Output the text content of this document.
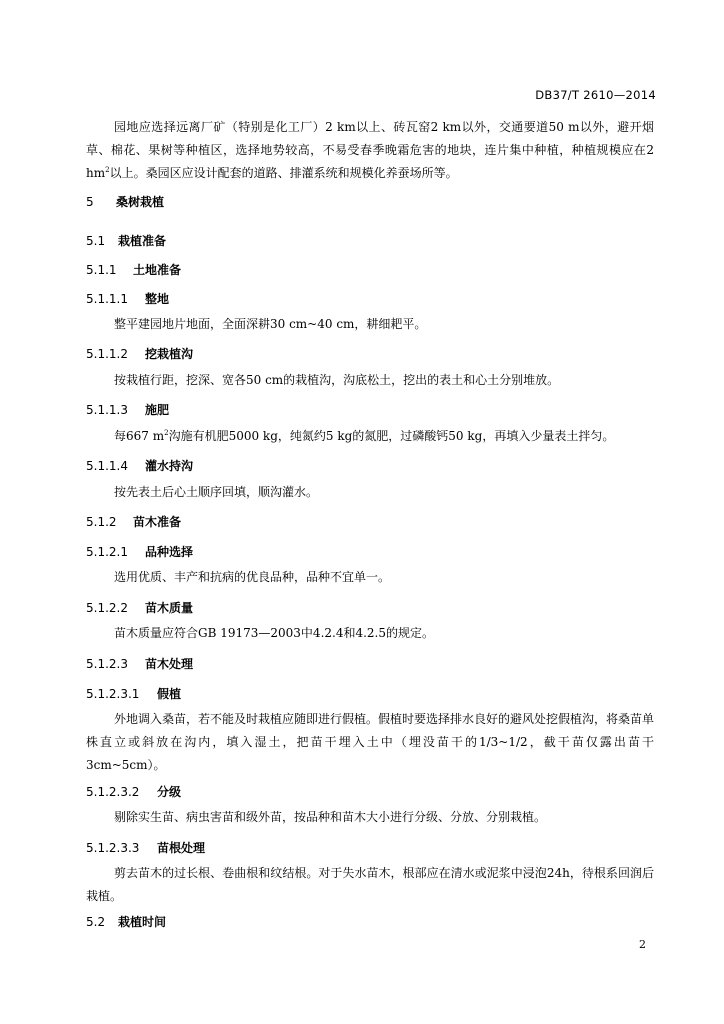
DB37/T 2610—2014

园地应选择远离厂矿（特别是化工厂）2 km以上、砖瓦窑2 km以外，交通要道50 m以外，避开烟草、棉花、果树等种植区，选择地势较高，不易受春季晚霜危害的地块，连片集中种植，种植规模应在2 $hm^2$以上。桑园区应设计配套的道路、排灌系统和规模化养蚕场所等。

5 桑树栽植
5.1 栽植准备
5.1.1 土地准备
5.1.1.1 整地

整平建园地片地面，全面深耕30 cm~40 cm，耕细耙平。

5.1.1.2 挖栽植沟

按栽植行距，挖深、宽各50 cm的栽植沟，沟底松土，挖出的表土和心土分别堆放。

5.1.1.3 施肥

每667 $m^2$沟施有机肥5000 kg，纯氮约5 kg的氮肥，过磷酸钙50 kg，再填入少量表土拌匀。

5.1.1.4 灌水持沟

按先表土后心土顺序回填，顺沟灌水。

5.1.2 苗木准备
5.1.2.1 品种选择

选用优质、丰产和抗病的优良品种，品种不宜单一。

5.1.2.2 苗木质量

苗木质量应符合GB 19173—2003中4.2.4和4.2.5的规定。

5.1.2.3 苗木处理
5.1.2.3.1 假植

外地调入桑苗，若不能及时栽植应随即进行假植。假植时要选择排水良好的避风处挖假植沟，将桑苗单株直立或斜放在沟内，填入湿土，把苗干埋入土中（埋没苗干的1/3~1/2，截干苗仅露出苗干3cm~5cm）。

5.1.2.3.2 分级

剔除实生苗、病虫害苗和级外苗，按品种和苗木大小进行分级、分放、分别栽植。

5.1.2.3.3 苗根处理

剪去苗木的过长根、卷曲根和纹结根。对于失水苗木，根部应在清水或泥浆中浸泡24h，待根系回润后栽植。

5.2 栽植时间
2
